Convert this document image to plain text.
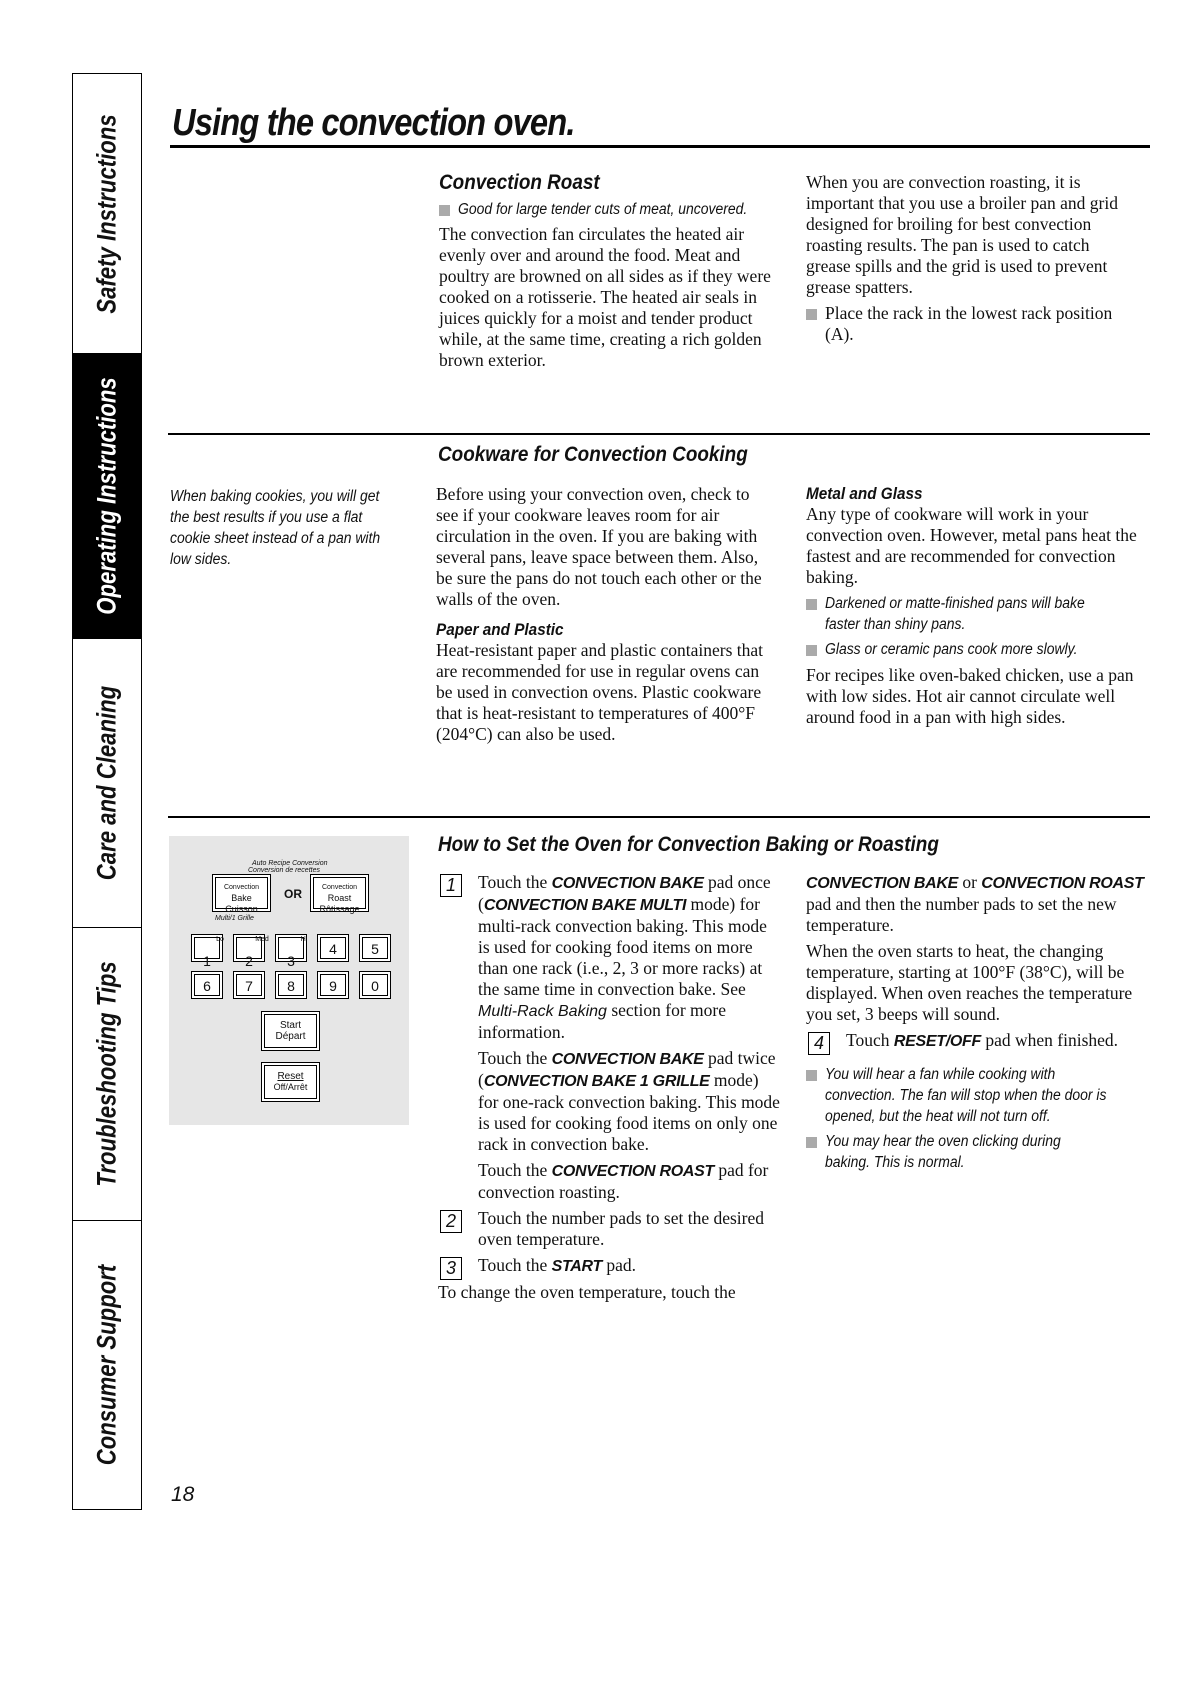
Safety Instructions
Operating Instructions
Care and Cleaning
Troubleshooting Tips
Consumer Support
Using the convection oven.
Convection Roast
Good for large tender cuts of meat, uncovered.

The convection fan circulates the heated air evenly over and around the food. Meat and poultry are browned on all sides as if they were cooked on a rotisserie. The heated air seals in juices quickly for a moist and tender product while, at the same time, creating a rich golden brown exterior.

When you are convection roasting, it is important that you use a broiler pan and grid designed for broiling for best convection roasting results. The pan is used to catch grease spills and the grid is used to prevent grease spatters.

Place the rack in the lowest rack position (A).

Cookware for Convection Cooking
When baking cookies, you will get the best results if you use a flat cookie sheet instead of a pan with low sides.

Before using your convection oven, check to see if your cookware leaves room for air circulation in the oven. If you are baking with several pans, leave space between them. Also, be sure the pans do not touch each other or the walls of the oven.

Paper and Plastic

Heat-resistant paper and plastic containers that are recommended for use in regular ovens can be used in convection ovens. Plastic cookware that is heat-resistant to temperatures of 400°F (204°C) can also be used.

Metal and Glass

Any type of cookware will work in your convection oven. However, metal pans heat the fastest and are recommended for convection baking.

Darkened or matte-finished pans will bake faster than shiny pans.
Glass or ceramic pans cook more slowly.

For recipes like oven-baked chicken, use a pan with low sides. Hot air cannot circulate well around food in a pan with high sides.

Auto Recipe Conversion
Conversion de recettes
Convection
Bake
Cuisson
OR	Convection
Roast
Rôtissage
Multi/1 Grille
Lo
1
Med
2
Hi
3
4	5
6	7	8	9	0
Start
Départ
Reset
Off/Arrêt
How to Set the Oven for Convection Baking or Roasting
1	Touch the CONVECTION BAKE pad once (CONVECTION BAKE MULTI mode) for multi-rack convection baking. This mode is used for cooking food items on more than one rack (i.e., 2, 3 or more racks) at the same time in convection bake. See Multi-Rack Baking section for more information.

Touch the CONVECTION BAKE pad twice (CONVECTION BAKE 1 GRILLE mode) for one-rack convection baking. This mode is used for cooking food items on only one rack in convection bake.

Touch the CONVECTION ROAST pad for convection roasting.

2	Touch the number pads to set the desired oven temperature.

3	Touch the START pad.

To change the oven temperature, touch the

CONVECTION BAKE or CONVECTION ROAST pad and then the number pads to set the new temperature.

When the oven starts to heat, the changing temperature, starting at 100°F (38°C), will be displayed. When oven reaches the temperature you set, 3 beeps will sound.

4	Touch RESET/OFF pad when finished.

You will hear a fan while cooking with convection. The fan will stop when the door is opened, but the heat will not turn off.
You may hear the oven clicking during baking. This is normal.
18
